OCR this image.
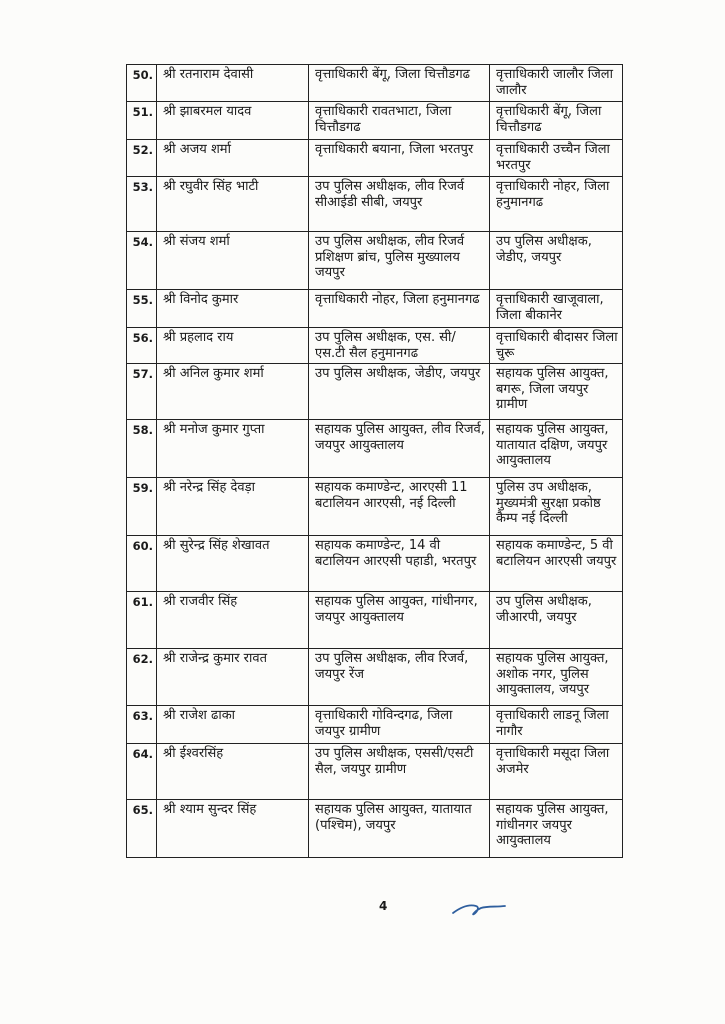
50.	श्री रतनाराम देवासी	वृत्ताधिकारी बेंगू, जिला चित्तौडगढ	वृत्ताधिकारी जालौर जिला जालौर
51.	श्री झाबरमल यादव	वृत्ताधिकारी रावतभाटा, जिला चित्तौडगढ	वृत्ताधिकारी बेंगू, जिला चित्तौडगढ
52.	श्री अजय शर्मा	वृत्ताधिकारी बयाना, जिला भरतपुर	वृत्ताधिकारी उच्चैन जिला भरतपुर
53.	श्री रघुवीर सिंह भाटी	उप पुलिस अधीक्षक, लीव रिजर्व सीआईडी सीबी, जयपुर	वृत्ताधिकारी नोहर, जिला हनुमानगढ
54.	श्री संजय शर्मा	उप पुलिस अधीक्षक, लीव रिजर्व प्रशिक्षण ब्रांच, पुलिस मुख्यालय जयपुर	उप पुलिस अधीक्षक, जेडीए, जयपुर
55.	श्री विनोद कुमार	वृत्ताधिकारी नोहर, जिला हनुमानगढ	वृत्ताधिकारी खाजूवाला, जिला बीकानेर
56.	श्री प्रहलाद राय	उप पुलिस अधीक्षक, एस. सी/एस.टी सैल हनुमानगढ	वृत्ताधिकारी बीदासर जिला चुरू
57.	श्री अनिल कुमार शर्मा	उप पुलिस अधीक्षक, जेडीए, जयपुर	सहायक पुलिस आयुक्त, बगरू, जिला जयपुर ग्रामीण
58.	श्री मनोज कुमार गुप्ता	सहायक पुलिस आयुक्त, लीव रिजर्व, जयपुर आयुक्तालय	सहायक पुलिस आयुक्त, यातायात दक्षिण, जयपुर आयुक्तालय
59.	श्री नरेन्द्र सिंह देवड़ा	सहायक कमाण्डेन्ट, आरएसी 11 बटालियन आरएसी, नई दिल्ली	पुलिस उप अधीक्षक, मुख्यमंत्री सुरक्षा प्रकोष्ठ कैम्प नई दिल्ली
60.	श्री सुरेन्द्र सिंह शेखावत	सहायक कमाण्डेन्ट, 14 वी बटालियन आरएसी पहाडी, भरतपुर	सहायक कमाण्डेन्ट, 5 वी बटालियन आरएसी जयपुर
61.	श्री राजवीर सिंह	सहायक पुलिस आयुक्त, गांधीनगर, जयपुर आयुक्तालय	उप पुलिस अधीक्षक, जीआरपी, जयपुर
62.	श्री राजेन्द्र कुमार रावत	उप पुलिस अधीक्षक, लीव रिजर्व, जयपुर रेंज	सहायक पुलिस आयुक्त, अशोक नगर, पुलिस आयुक्तालय, जयपुर
63.	श्री राजेश ढाका	वृत्ताधिकारी गोविन्दगढ, जिला जयपुर ग्रामीण	वृत्ताधिकारी लाडनू जिला नागौर
64.	श्री ईश्वरसिंह	उप पुलिस अधीक्षक, एससी/एसटी सैल, जयपुर ग्रामीण	वृत्ताधिकारी मसूदा जिला अजमेर
65.	श्री श्याम सुन्दर सिंह	सहायक पुलिस आयुक्त, यातायात (पश्चिम), जयपुर	सहायक पुलिस आयुक्त, गांधीनगर जयपुर आयुक्तालय
4
